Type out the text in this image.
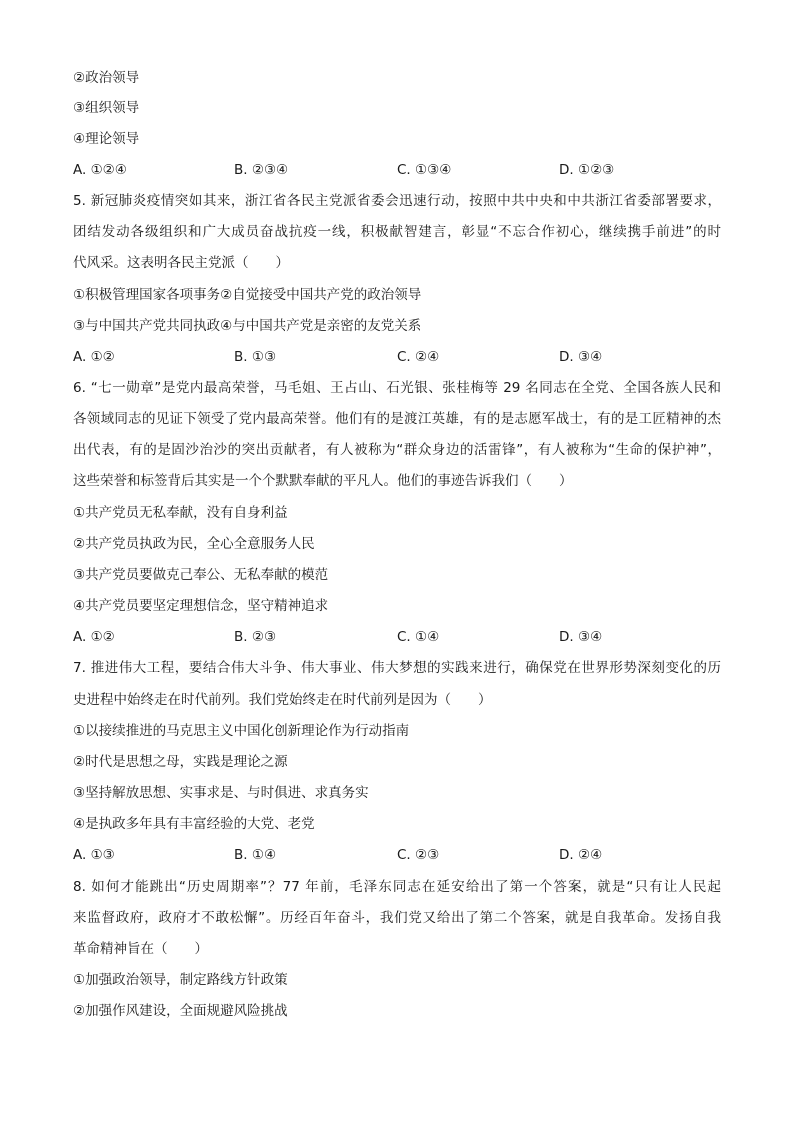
②政治领导
③组织领导
④理论领导
A. ①②④	B. ②③④	C. ①③④	D. ①②③
5. 新冠肺炎疫情突如其来，浙江省各民主党派省委会迅速行动，按照中共中央和中共浙江省委部署要求，
团结发动各级组织和广大成员奋战抗疫一线，积极献智建言，彰显“不忘合作初心，继续携手前进”的时
代风采。这表明各民主党派（　　）
①积极管理国家各项事务②自觉接受中国共产党的政治领导
③与中国共产党共同执政④与中国共产党是亲密的友党关系
A. ①②	B. ①③	C. ②④	D. ③④
6. “七一勋章”是党内最高荣誉，马毛姐、王占山、石光银、张桂梅等 29 名同志在全党、全国各族人民和
各领域同志的见证下领受了党内最高荣誉。他们有的是渡江英雄，有的是志愿军战士，有的是工匠精神的杰
出代表，有的是固沙治沙的突出贡献者，有人被称为“群众身边的活雷锋”，有人被称为“生命的保护神”，
这些荣誉和标签背后其实是一个个默默奉献的平凡人。他们的事迹告诉我们（　　）
①共产党员无私奉献，没有自身利益
②共产党员执政为民，全心全意服务人民
③共产党员要做克己奉公、无私奉献的模范
④共产党员要坚定理想信念，坚守精神追求
A. ①②	B. ②③	C. ①④	D. ③④
7. 推进伟大工程，要结合伟大斗争、伟大事业、伟大梦想的实践来进行，确保党在世界形势深刻变化的历
史进程中始终走在时代前列。我们党始终走在时代前列是因为（　　）
①以接续推进的马克思主义中国化创新理论作为行动指南
②时代是思想之母，实践是理论之源
③坚持解放思想、实事求是、与时俱进、求真务实
④是执政多年具有丰富经验的大党、老党
A. ①③	B. ①④	C. ②③	D. ②④
8. 如何才能跳出“历史周期率”？77 年前，毛泽东同志在延安给出了第一个答案，就是“只有让人民起
来监督政府，政府才不敢松懈”。历经百年奋斗，我们党又给出了第二个答案，就是自我革命。发扬自我
革命精神旨在（　　）
①加强政治领导，制定路线方针政策
②加强作风建设，全面规避风险挑战
